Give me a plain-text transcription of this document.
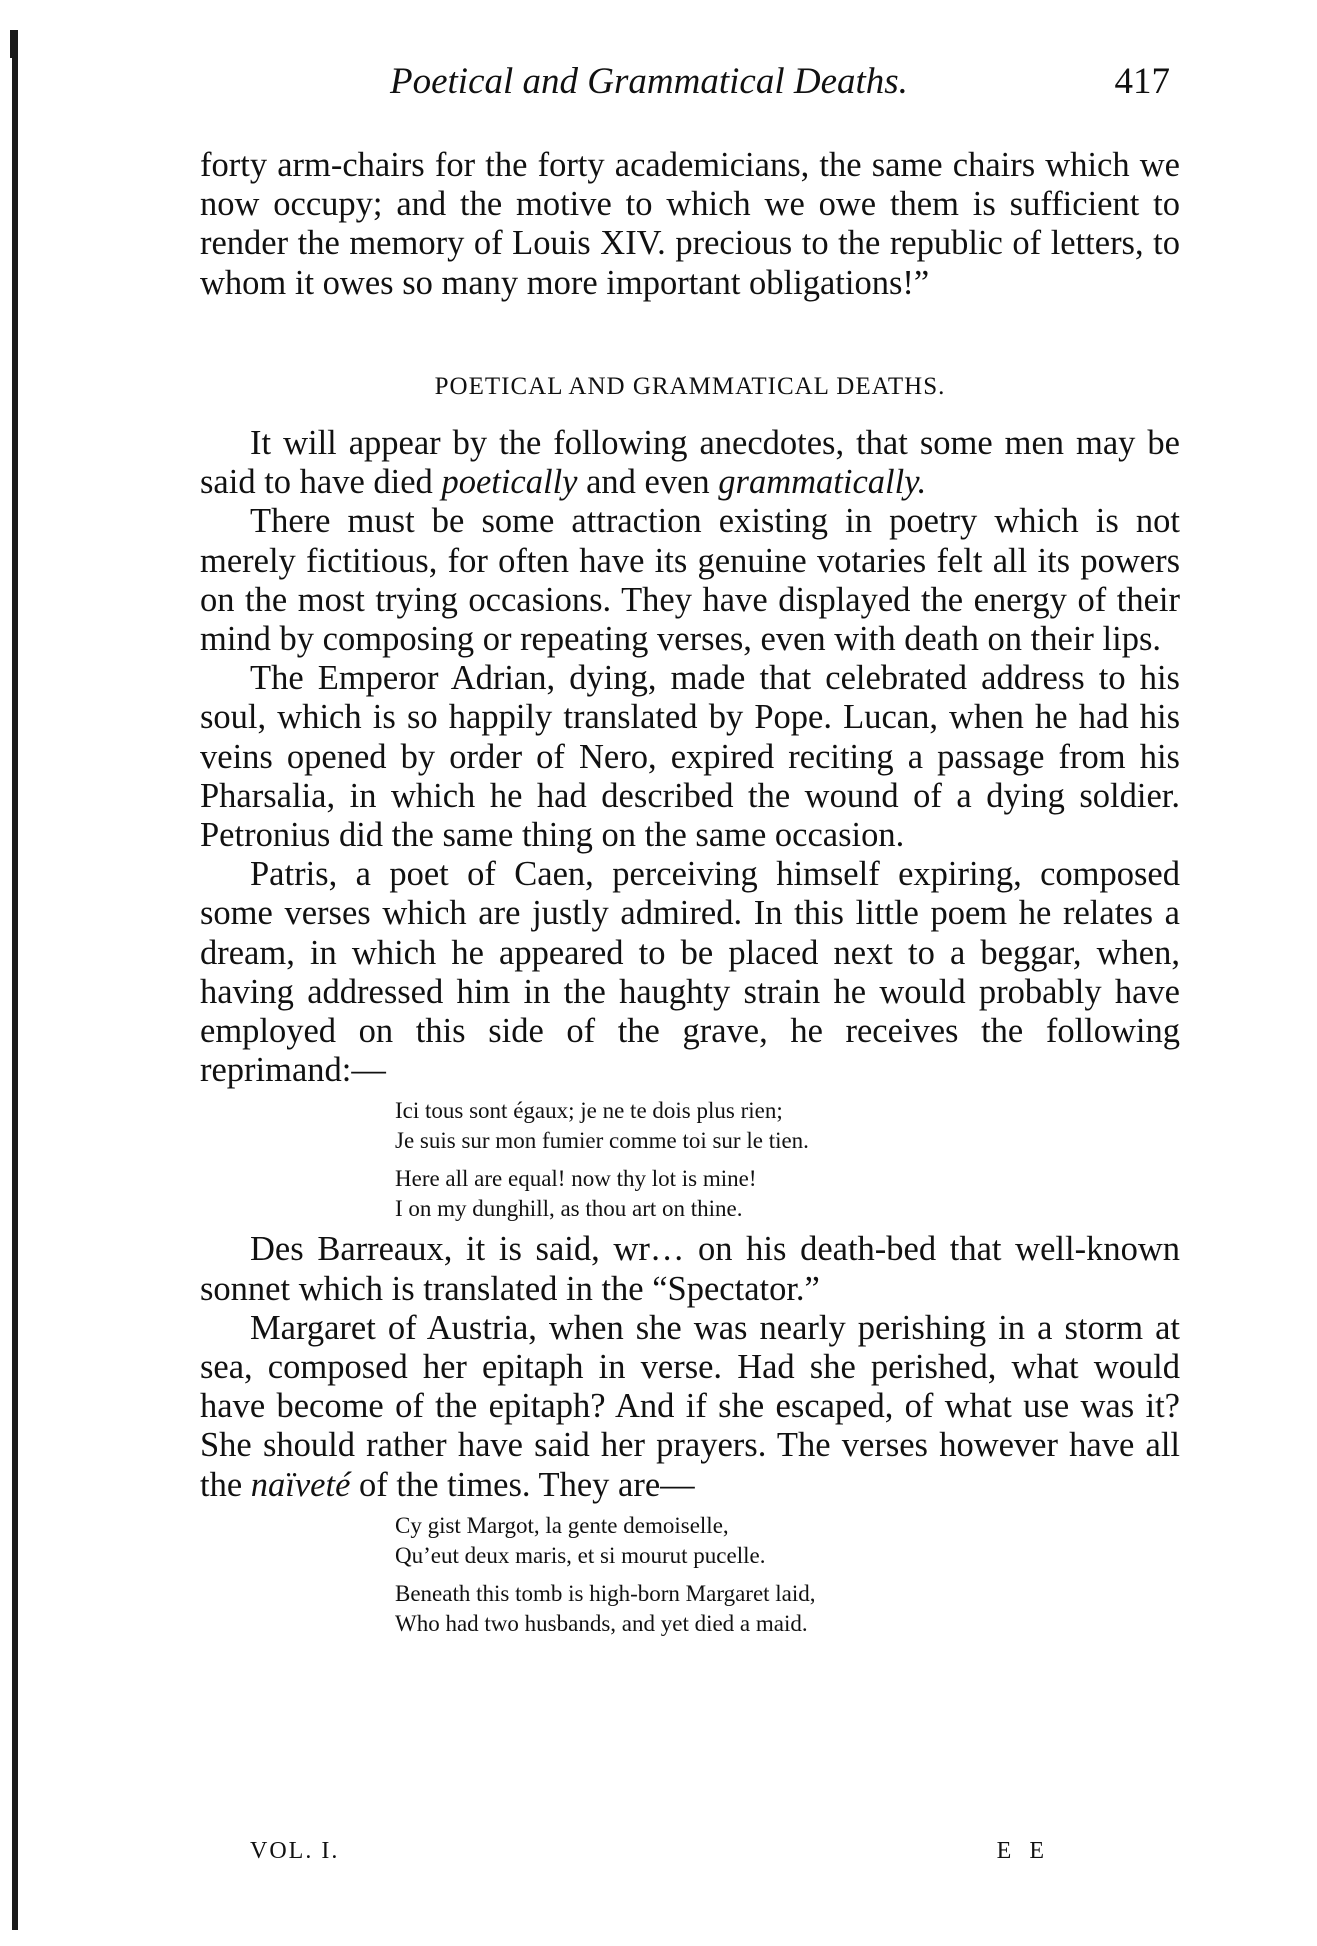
Poetical and Grammatical Deaths.	417

forty arm-chairs for the forty academicians, the same chairs which we now occupy; and the motive to which we owe them is sufficient to render the memory of Louis XIV. precious to the republic of letters, to whom it owes so many more important obligations!”

POETICAL AND GRAMMATICAL DEATHS.

It will appear by the following anecdotes, that some men may be said to have died poetically and even grammatically.

There must be some attraction existing in poetry which is not merely fictitious, for often have its genuine votaries felt all its powers on the most trying occasions. They have displayed the energy of their mind by composing or repeating verses, even with death on their lips.

The Emperor Adrian, dying, made that celebrated address to his soul, which is so happily translated by Pope. Lucan, when he had his veins opened by order of Nero, expired reciting a passage from his Pharsalia, in which he had described the wound of a dying soldier. Petronius did the same thing on the same occasion.

Patris, a poet of Caen, perceiving himself expiring, composed some verses which are justly admired. In this little poem he relates a dream, in which he appeared to be placed next to a beggar, when, having addressed him in the haughty strain he would probably have employed on this side of the grave, he receives the following reprimand:—

Ici tous sont égaux; je ne te dois plus rien;
Je suis sur mon fumier comme toi sur le tien.
Here all are equal! now thy lot is mine!
I on my dunghill, as thou art on thine.

Des Barreaux, it is said, wr… on his death-bed that well-known sonnet which is translated in the “Spectator.”

Margaret of Austria, when she was nearly perishing in a storm at sea, composed her epitaph in verse. Had she perished, what would have become of the epitaph? And if she escaped, of what use was it? She should rather have said her prayers. The verses however have all the naïveté of the times. They are—

Cy gist Margot, la gente demoiselle,
Qu’eut deux maris, et si mourut pucelle.
Beneath this tomb is high-born Margaret laid,
Who had two husbands, and yet died a maid.
VOL. I.	E E
